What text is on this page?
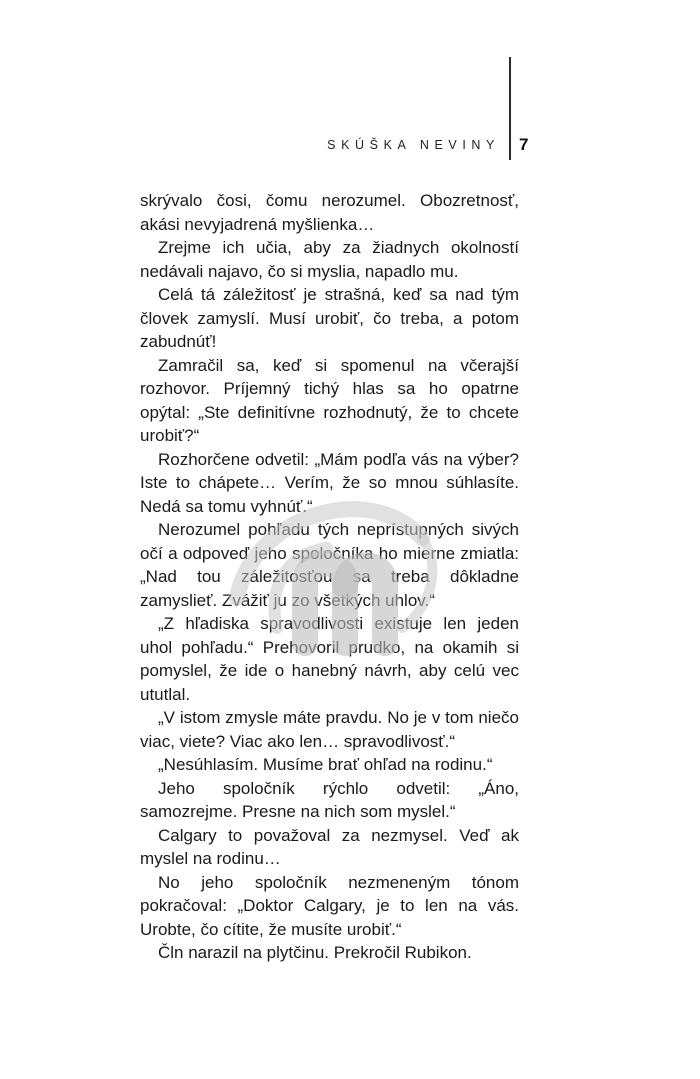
SKÚŠKA NEVINY 7

skrývalo čosi, čomu nerozumel. Obozretnosť, akási nevyjadrená myšlienka…

Zrejme ich učia, aby za žiadnych okolností nedávali najavo, čo si myslia, napadlo mu.

Celá tá záležitosť je strašná, keď sa nad tým človek zamyslí. Musí urobiť, čo treba, a potom zabudnúť!

Zamračil sa, keď si spomenul na včerajší rozhovor. Príjemný tichý hlas sa ho opatrne opýtal: „Ste definitívne rozhodnutý, že to chcete urobiť?“

Rozhorčene odvetil: „Mám podľa vás na výber? Iste to chápete… Verím, že so mnou súhlasíte. Nedá sa tomu vyhnúť.“

Nerozumel pohľadu tých neprístupných sivých očí a odpoveď jeho spoločníka ho mierne zmiatla: „Nad tou záležitosťou sa treba dôkladne zamyslieť. Zvážiť ju zo všetkých uhlov.“

„Z hľadiska spravodlivosti existuje len jeden uhol pohľadu.“ Prehovoril prudko, na okamih si pomyslel, že ide o hanebný návrh, aby celú vec ututlal.

„V istom zmysle máte pravdu. No je v tom niečo viac, viete? Viac ako len… spravodlivosť.“

„Nesúhlasím. Musíme brať ohľad na rodinu.“

Jeho spoločník rýchlo odvetil: „Áno, samozrejme. Presne na nich som myslel.“

Calgary to považoval za nezmysel. Veď ak myslel na rodinu…

No jeho spoločník nezmeneným tónom pokračoval: „Doktor Calgary, je to len na vás. Urobte, čo cítite, že musíte urobiť.“

Čln narazil na plytčinu. Prekročil Rubikon.
